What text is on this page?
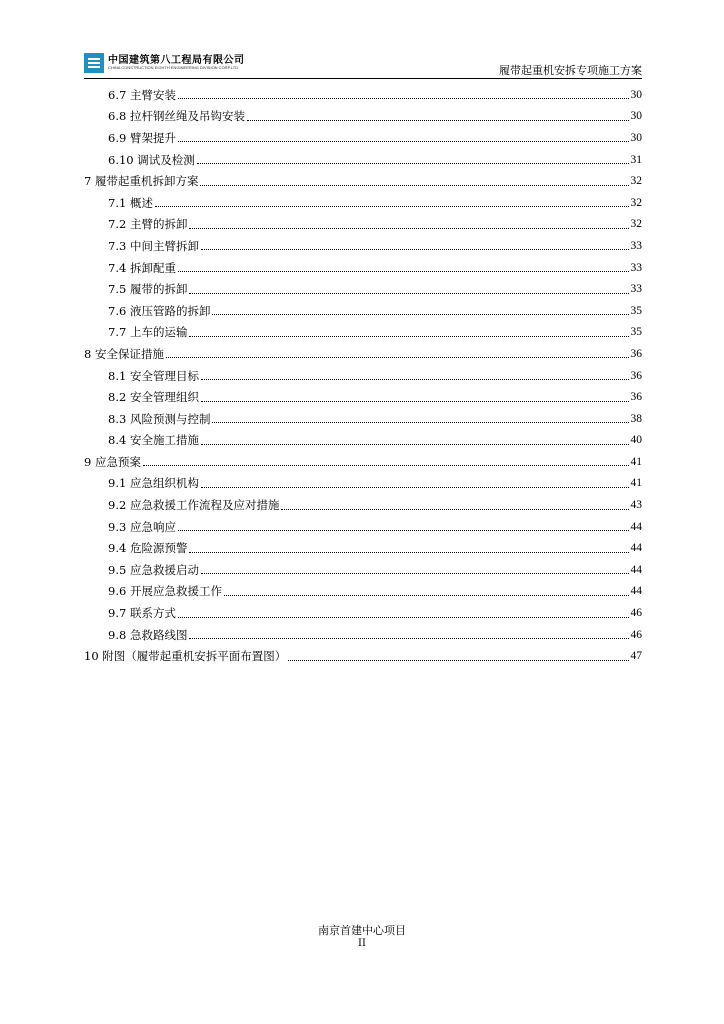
中国建筑第八工程局有限公司
CHINA CONSTRUCTION EIGHTH ENGINEERING DIVISION CORP.LTD	履带起重机安拆专项施工方案
6.7 主臂安装	30
6.8 拉杆钢丝绳及吊钩安装	30
6.9 臂架提升	30
6.10 调试及检测	31
7 履带起重机拆卸方案	32
7.1 概述	32
7.2 主臂的拆卸	32
7.3 中间主臂拆卸	33
7.4 拆卸配重	33
7.5 履带的拆卸	33
7.6 液压管路的拆卸	35
7.7 上车的运输	35
8 安全保证措施	36
8.1 安全管理目标	36
8.2 安全管理组织	36
8.3 风险预测与控制	38
8.4 安全施工措施	40
9 应急预案	41
9.1 应急组织机构	41
9.2 应急救援工作流程及应对措施	43
9.3 应急响应	44
9.4 危险源预警	44
9.5 应急救援启动	44
9.6 开展应急救援工作	44
9.7 联系方式	46
9.8 急救路线图	46
10 附图（履带起重机安拆平面布置图）	47
南京首建中心项目
II
